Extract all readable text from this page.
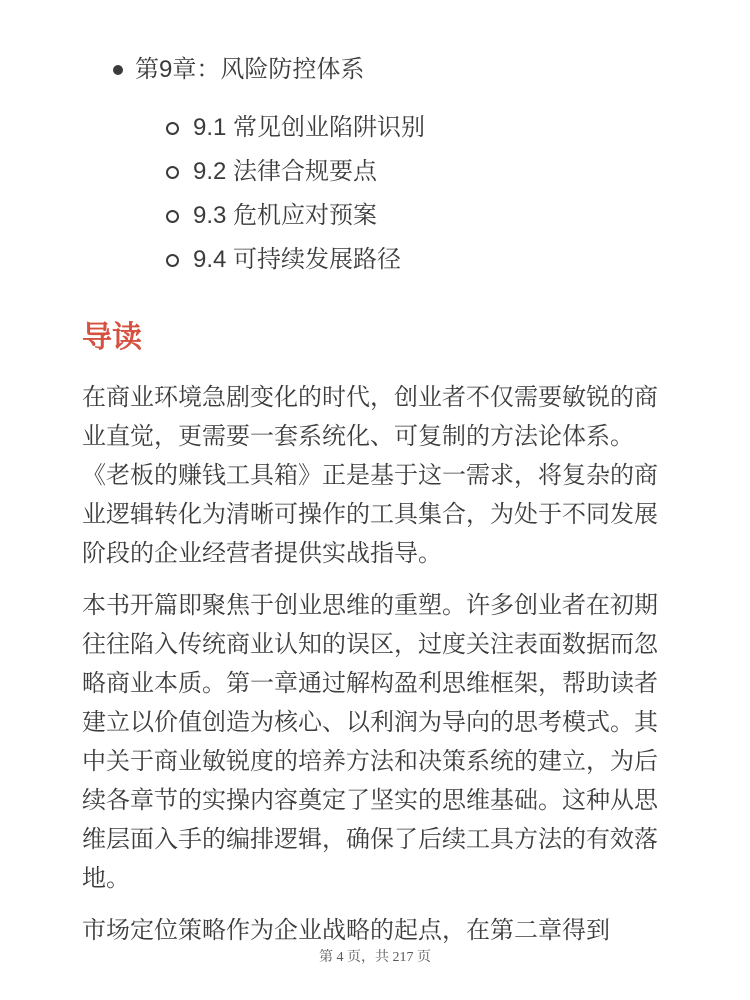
第9章：风险防控体系
9.1 常见创业陷阱识别
9.2 法律合规要点
9.3 危机应对预案
9.4 可持续发展路径
导读

在商业环境急剧变化的时代，创业者不仅需要敏锐的商业直觉，更需要一套系统化、可复制的方法论体系。《老板的赚钱工具箱》正是基于这一需求，将复杂的商业逻辑转化为清晰可操作的工具集合，为处于不同发展阶段的企业经营者提供实战指导。

本书开篇即聚焦于创业思维的重塑。许多创业者在初期往往陷入传统商业认知的误区，过度关注表面数据而忽略商业本质。第一章通过解构盈利思维框架，帮助读者建立以价值创造为核心、以利润为导向的思考模式。其中关于商业敏锐度的培养方法和决策系统的建立，为后续各章节的实操内容奠定了坚实的思维基础。这种从思维层面入手的编排逻辑，确保了后续工具方法的有效落地。

市场定位策略作为企业战略的起点，在第二章得到

第 4 页，共 217 页
